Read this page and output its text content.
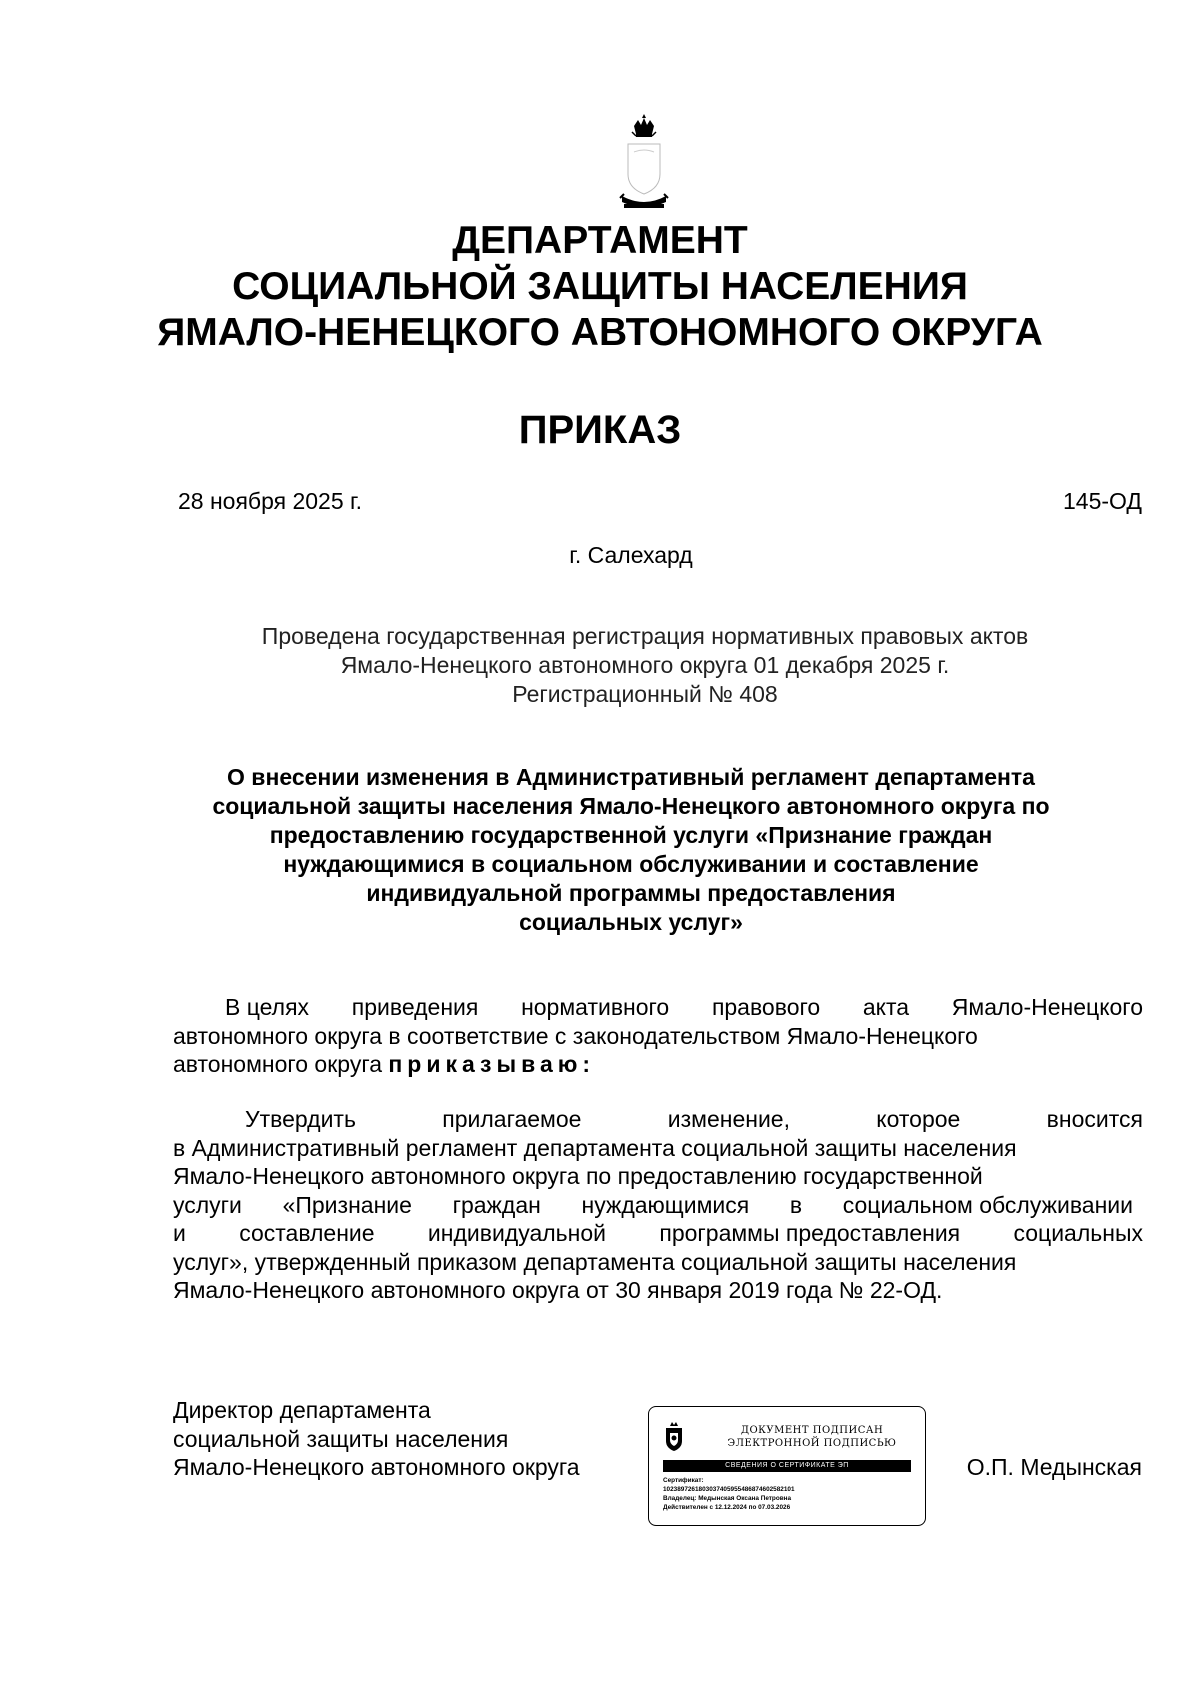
ДЕПАРТАМЕНТ
СОЦИАЛЬНОЙ ЗАЩИТЫ НАСЕЛЕНИЯ
ЯМАЛО-НЕНЕЦКОГО АВТОНОМНОГО ОКРУГА
ПРИКАЗ
28 ноября 2025 г.	145-ОД
г. Салехард
Проведена государственная регистрация нормативных правовых актов
Ямало-Ненецкого автономного округа 01 декабря 2025 г.
Регистрационный № 408
О внесении изменения в Административный регламент департамента
социальной защиты населения Ямало-Ненецкого автономного округа по
предоставлению государственной услуги «Признание граждан
нуждающимися в социальном обслуживании и составление
индивидуальной программы предоставления
социальных услуг»
В целях приведения нормативного правового акта Ямало-Ненецкого
автономного округа в соответствие с законодательством Ямало-Ненецкого
автономного округа приказываю:
Утвердить	прилагаемое	изменение,	которое	вносится
в Административный регламент департамента социальной защиты населения
Ямало-Ненецкого автономного округа по предоставлению государственной
услуги «Признание граждан нуждающимися в социальном обслуживании
и составление индивидуальной программы предоставления социальных
услуг», утвержденный приказом департамента социальной защиты населения
Ямало-Ненецкого автономного округа от 30 января 2019 года № 22-ОД.
Директор департамента
социальной защиты населения
Ямало-Ненецкого автономного округа
ДОКУМЕНТ ПОДПИСАН
ЭЛЕКТРОННОЙ ПОДПИСЬЮ
СВЕДЕНИЯ О СЕРТИФИКАТЕ ЭП
Сертификат:
1023897261803037405955486874602582101
Владелец: Медынская Оксана Петровна
Действителен с 12.12.2024 по 07.03.2026
О.П. Медынская
